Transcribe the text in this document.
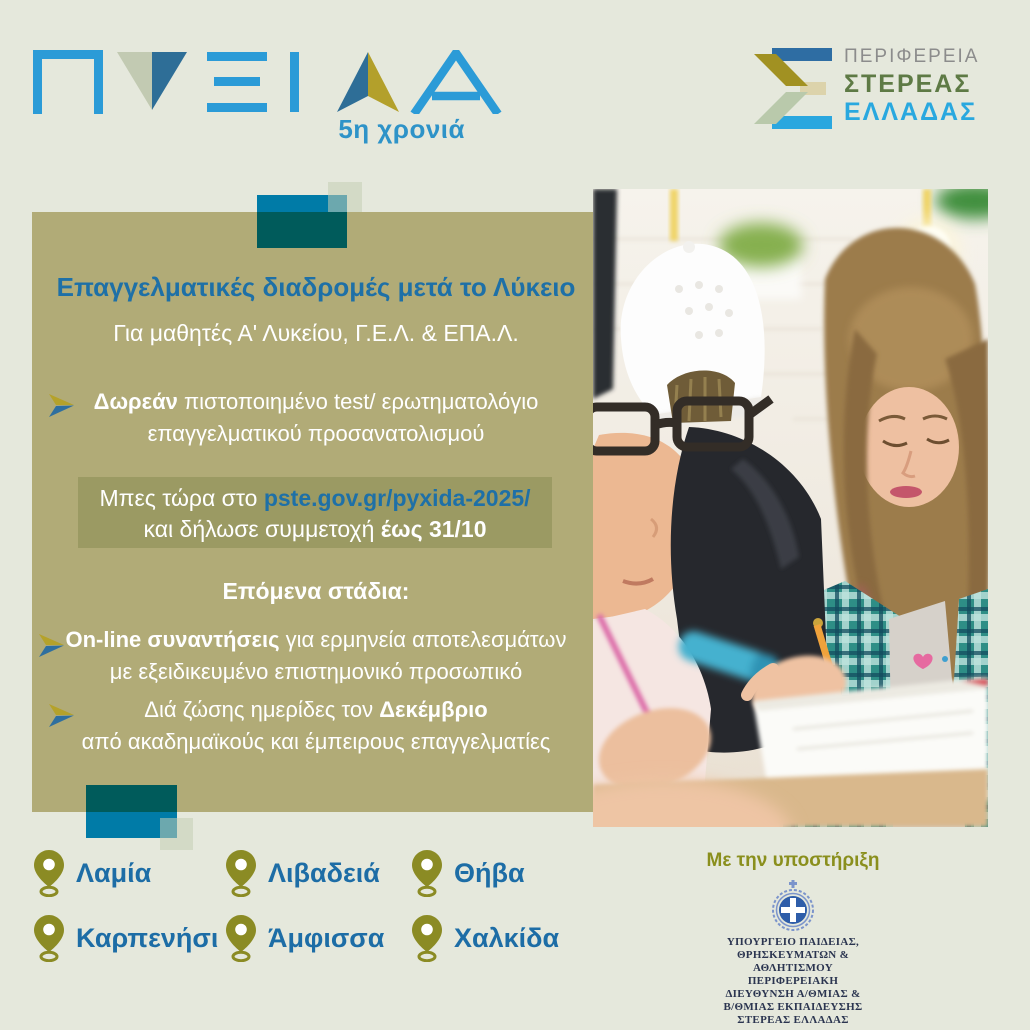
5η χρονιά
ΠΕΡΙΦΕΡΕΙΑ
ΣΤΕΡΕΑΣ
ΕΛΛΑΔΑΣ
Επαγγελματικές διαδρομές μετά το Λύκειο
Για μαθητές Α' Λυκείου, Γ.Ε.Λ. & ΕΠΑ.Λ.
Δωρεάν πιστοποιημένο test/ ερωτηματολόγιο
επαγγελματικού προσανατολισμού
Μπες τώρα στο pste.gov.gr/pyxida-2025/
και δήλωσε συμμετοχή έως 31/10
Επόμενα στάδια:
On-line συναντήσεις για ερμηνεία αποτελεσμάτων
με εξειδικευμένο επιστημονικό προσωπικό
Διά ζώσης ημερίδες τον Δεκέμβριο
από ακαδημαϊκούς και έμπειρους επαγγελματίες
Λαμία	Λιβαδειά	Θήβα
Καρπενήσι Άμφισσα	Χαλκίδα
Με την υποστήριξη
ΥΠΟΥΡΓΕΙΟ ΠΑΙΔΕΙΑΣ,
ΘΡΗΣΚΕΥΜΑΤΩΝ &
ΑΘΛΗΤΙΣΜΟΥ
ΠΕΡΙΦΕΡΕΙΑΚΗ
ΔΙΕΥΘΥΝΣΗ Α/ΘΜΙΑΣ &
Β/ΘΜΙΑΣ ΕΚΠΑΙΔΕΥΣΗΣ
ΣΤΕΡΕΑΣ ΕΛΛΑΔΑΣ
